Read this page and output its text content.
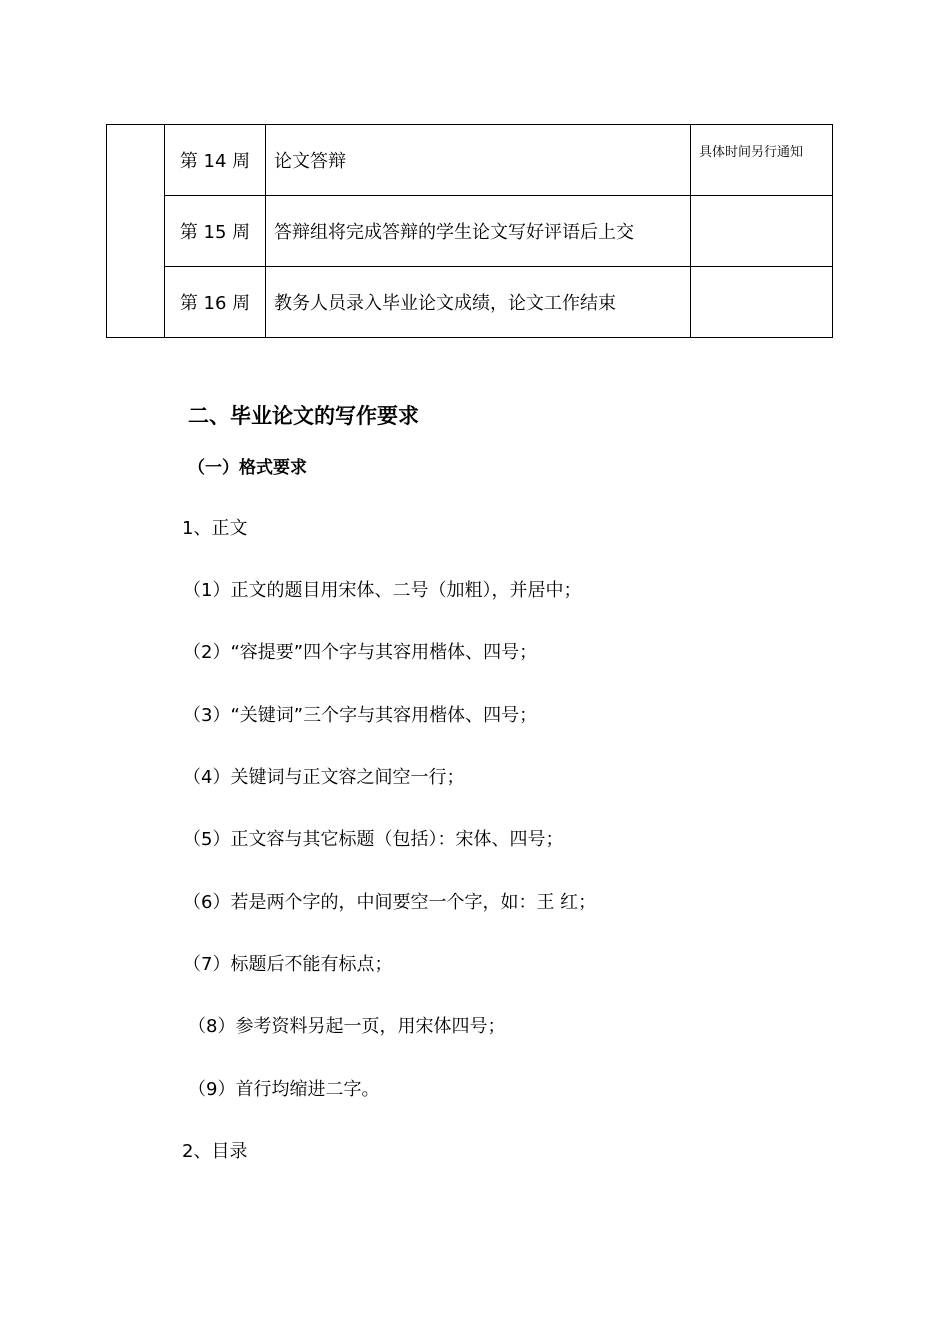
	第 14 周	论文答辩	具体时间另行通知

	第 15 周	答辩组将完成答辩的学生论文写好评语后上交	

	第 16 周	教务人员录入毕业论文成绩，论文工作结束	
二、毕业论文的写作要求
（一）格式要求
1、正文
（1）正文的题目用宋体、二号（加粗），并居中；
（2）“容提要”四个字与其容用楷体、四号；
（3）“关键词”三个字与其容用楷体、四号；
（4）关键词与正文容之间空一行；
（5）正文容与其它标题（包括）：宋体、四号；
（6）若是两个字的，中间要空一个字，如：王 红；
（7）标题后不能有标点；
（8）参考资料另起一页，用宋体四号；
（9）首行均缩进二字。
2、目录
